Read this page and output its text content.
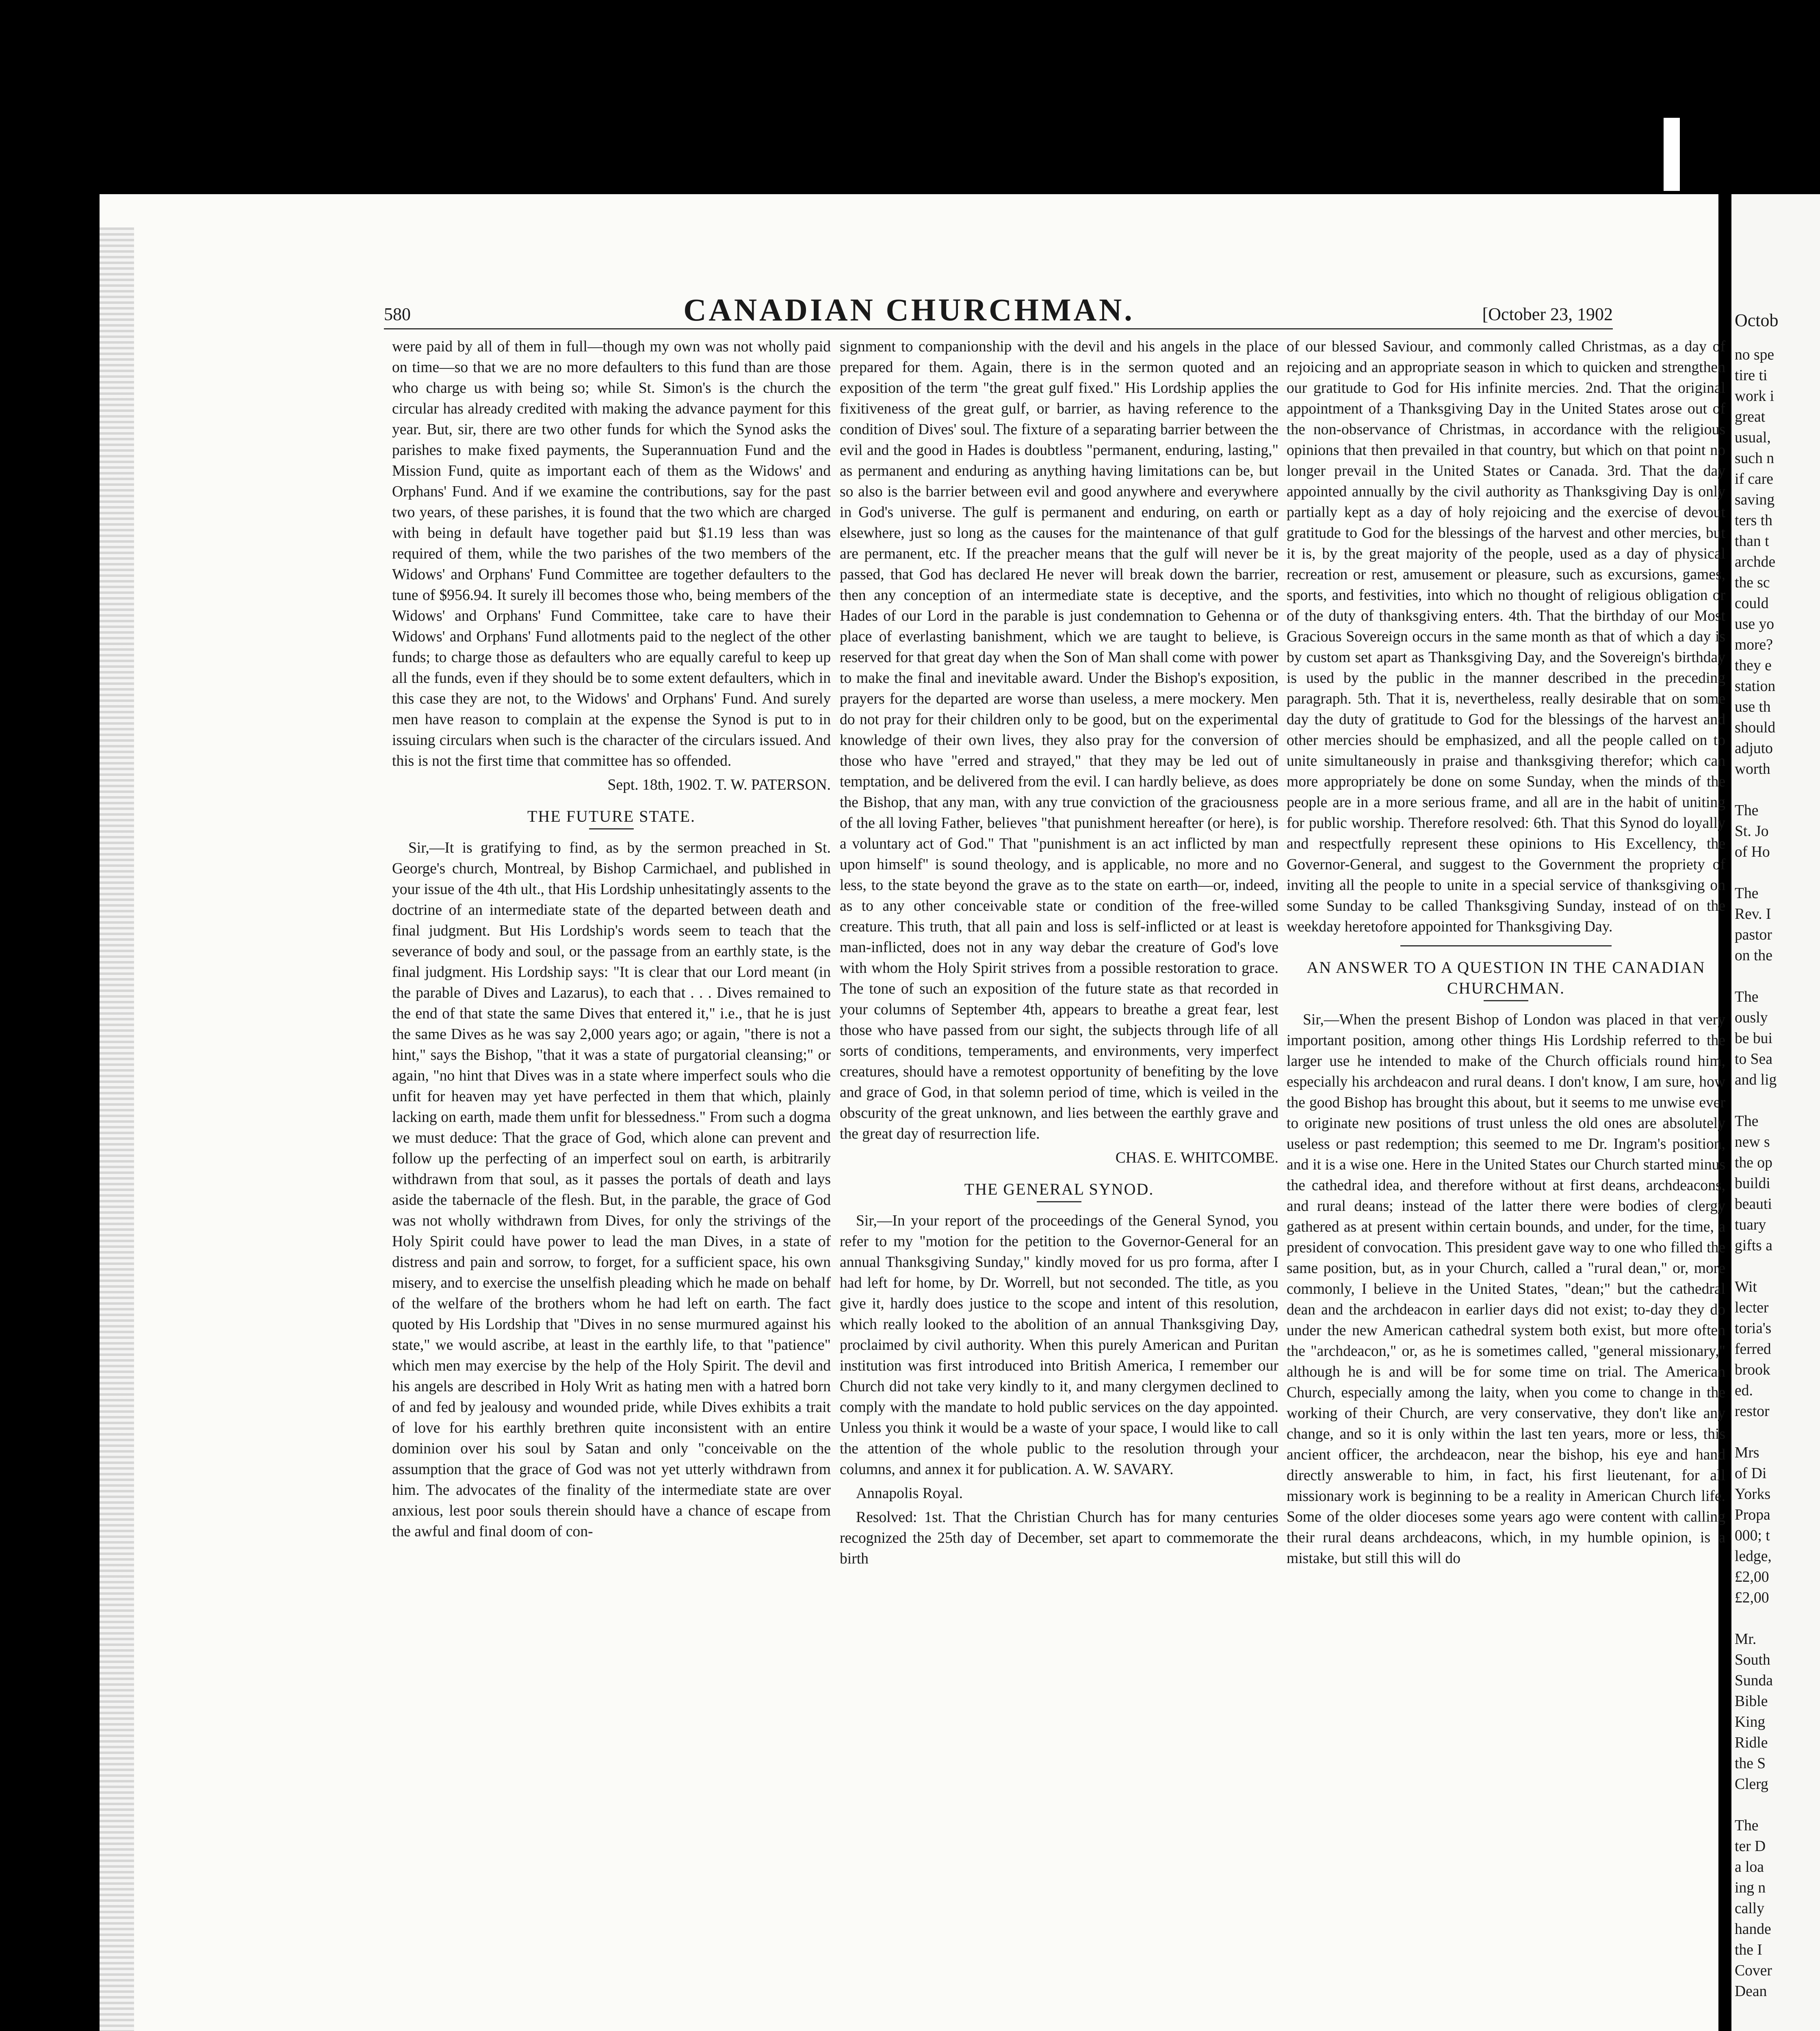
580	CANADIAN CHURCHMAN.	[October 23, 1902

were paid by all of them in full—though my own was not wholly paid on time—so that we are no more defaulters to this fund than are those who charge us with being so; while St. Simon's is the church the circular has already credited with making the advance payment for this year. But, sir, there are two other funds for which the Synod asks the parishes to make fixed payments, the Superannuation Fund and the Mission Fund, quite as important each of them as the Widows' and Orphans' Fund. And if we examine the contributions, say for the past two years, of these parishes, it is found that the two which are charged with being in default have together paid but $1.19 less than was required of them, while the two parishes of the two members of the Widows' and Orphans' Fund Committee are together defaulters to the tune of $956.94. It surely ill becomes those who, being members of the Widows' and Orphans' Fund Committee, take care to have their Widows' and Orphans' Fund allotments paid to the neglect of the other funds; to charge those as defaulters who are equally careful to keep up all the funds, even if they should be to some extent defaulters, which in this case they are not, to the Widows' and Orphans' Fund. And surely men have reason to complain at the expense the Synod is put to in issuing circulars when such is the character of the circulars issued. And this is not the first time that committee has so offended.

Sept. 18th, 1902. T. W. PATERSON.

THE FUTURE STATE.

Sir,—It is gratifying to find, as by the sermon preached in St. George's church, Montreal, by Bishop Carmichael, and published in your issue of the 4th ult., that His Lordship unhesitatingly assents to the doctrine of an intermediate state of the departed between death and final judgment. But His Lordship's words seem to teach that the severance of body and soul, or the passage from an earthly state, is the final judgment. His Lordship says: "It is clear that our Lord meant (in the parable of Dives and Lazarus), to each that . . . Dives remained to the end of that state the same Dives that entered it," i.e., that he is just the same Dives as he was say 2,000 years ago; or again, "there is not a hint," says the Bishop, "that it was a state of purgatorial cleansing;" or again, "no hint that Dives was in a state where imperfect souls who die unfit for heaven may yet have perfected in them that which, plainly lacking on earth, made them unfit for blessedness." From such a dogma we must deduce: That the grace of God, which alone can prevent and follow up the perfecting of an imperfect soul on earth, is arbitrarily withdrawn from that soul, as it passes the portals of death and lays aside the tabernacle of the flesh. But, in the parable, the grace of God was not wholly withdrawn from Dives, for only the strivings of the Holy Spirit could have power to lead the man Dives, in a state of distress and pain and sorrow, to forget, for a sufficient space, his own misery, and to exercise the unselfish pleading which he made on behalf of the welfare of the brothers whom he had left on earth. The fact quoted by His Lordship that "Dives in no sense murmured against his state," we would ascribe, at least in the earthly life, to that "patience" which men may exercise by the help of the Holy Spirit. The devil and his angels are described in Holy Writ as hating men with a hatred born of and fed by jealousy and wounded pride, while Dives exhibits a trait of love for his earthly brethren quite inconsistent with an entire dominion over his soul by Satan and only "conceivable on the assumption that the grace of God was not yet utterly withdrawn from him. The advocates of the finality of the intermediate state are over anxious, lest poor souls therein should have a chance of escape from the awful and final doom of con-

signment to companionship with the devil and his angels in the place prepared for them. Again, there is in the sermon quoted and an exposition of the term "the great gulf fixed." His Lordship applies the fixitiveness of the great gulf, or barrier, as having reference to the condition of Dives' soul. The fixture of a separating barrier between the evil and the good in Hades is doubtless "permanent, enduring, lasting," as permanent and enduring as anything having limitations can be, but so also is the barrier between evil and good anywhere and everywhere in God's universe. The gulf is permanent and enduring, on earth or elsewhere, just so long as the causes for the maintenance of that gulf are permanent, etc. If the preacher means that the gulf will never be passed, that God has declared He never will break down the barrier, then any conception of an intermediate state is deceptive, and the Hades of our Lord in the parable is just condemnation to Gehenna or place of everlasting banishment, which we are taught to believe, is reserved for that great day when the Son of Man shall come with power to make the final and inevitable award. Under the Bishop's exposition, prayers for the departed are worse than useless, a mere mockery. Men do not pray for their children only to be good, but on the experimental knowledge of their own lives, they also pray for the conversion of those who have "erred and strayed," that they may be led out of temptation, and be delivered from the evil. I can hardly believe, as does the Bishop, that any man, with any true conviction of the graciousness of the all loving Father, believes "that punishment hereafter (or here), is a voluntary act of God." That "punishment is an act inflicted by man upon himself" is sound theology, and is applicable, no more and no less, to the state beyond the grave as to the state on earth—or, indeed, as to any other conceivable state or condition of the free-willed creature. This truth, that all pain and loss is self-inflicted or at least is man-inflicted, does not in any way debar the creature of God's love with whom the Holy Spirit strives from a possible restoration to grace. The tone of such an exposition of the future state as that recorded in your columns of September 4th, appears to breathe a great fear, lest those who have passed from our sight, the subjects through life of all sorts of conditions, temperaments, and environments, very imperfect creatures, should have a remotest opportunity of benefiting by the love and grace of God, in that solemn period of time, which is veiled in the obscurity of the great unknown, and lies between the earthly grave and the great day of resurrection life.

CHAS. E. WHITCOMBE.

THE GENERAL SYNOD.

Sir,—In your report of the proceedings of the General Synod, you refer to my "motion for the petition to the Governor-General for an annual Thanksgiving Sunday," kindly moved for us pro forma, after I had left for home, by Dr. Worrell, but not seconded. The title, as you give it, hardly does justice to the scope and intent of this resolution, which really looked to the abolition of an annual Thanksgiving Day, proclaimed by civil authority. When this purely American and Puritan institution was first introduced into British America, I remember our Church did not take very kindly to it, and many clergymen declined to comply with the mandate to hold public services on the day appointed. Unless you think it would be a waste of your space, I would like to call the attention of the whole public to the resolution through your columns, and annex it for publication. A. W. SAVARY.

Annapolis Royal.

Resolved: 1st. That the Christian Church has for many centuries recognized the 25th day of December, set apart to commemorate the birth

of our blessed Saviour, and commonly called Christmas, as a day of rejoicing and an appropriate season in which to quicken and strengthen our gratitude to God for His infinite mercies. 2nd. That the original appointment of a Thanksgiving Day in the United States arose out of the non-observance of Christmas, in accordance with the religious opinions that then prevailed in that country, but which on that point no longer prevail in the United States or Canada. 3rd. That the day appointed annually by the civil authority as Thanksgiving Day is only partially kept as a day of holy rejoicing and the exercise of devout gratitude to God for the blessings of the harvest and other mercies, but it is, by the great majority of the people, used as a day of physical recreation or rest, amusement or pleasure, such as excursions, games, sports, and festivities, into which no thought of religious obligation or of the duty of thanksgiving enters. 4th. That the birthday of our Most Gracious Sovereign occurs in the same month as that of which a day is by custom set apart as Thanksgiving Day, and the Sovereign's birthday is used by the public in the manner described in the preceding paragraph. 5th. That it is, nevertheless, really desirable that on some day the duty of gratitude to God for the blessings of the harvest and other mercies should be emphasized, and all the people called on to unite simultaneously in praise and thanksgiving therefor; which can more appropriately be done on some Sunday, when the minds of the people are in a more serious frame, and all are in the habit of uniting for public worship. Therefore resolved: 6th. That this Synod do loyally and respectfully represent these opinions to His Excellency, the Governor-General, and suggest to the Government the propriety of inviting all the people to unite in a special service of thanksgiving on some Sunday to be called Thanksgiving Sunday, instead of on the weekday heretofore appointed for Thanksgiving Day.

AN ANSWER TO A QUESTION IN THE CANADIAN CHURCHMAN.

Sir,—When the present Bishop of London was placed in that very important position, among other things His Lordship referred to the larger use he intended to make of the Church officials round him, especially his archdeacon and rural deans. I don't know, I am sure, how the good Bishop has brought this about, but it seems to me unwise ever to originate new positions of trust unless the old ones are absolutely useless or past redemption; this seemed to me Dr. Ingram's position, and it is a wise one. Here in the United States our Church started minus the cathedral idea, and therefore without at first deans, archdeacons, and rural deans; instead of the latter there were bodies of clergy gathered as at present within certain bounds, and under, for the time, a president of convocation. This president gave way to one who filled the same position, but, as in your Church, called a "rural dean," or, more commonly, I believe in the United States, "dean;" but the cathedral dean and the archdeacon in earlier days did not exist; to-day they do under the new American cathedral system both exist, but more often the "archdeacon," or, as he is sometimes called, "general missionary," although he is and will be for some time on trial. The American Church, especially among the laity, when you come to change in the working of their Church, are very conservative, they don't like any change, and so it is only within the last ten years, more or less, this ancient officer, the archdeacon, near the bishop, his eye and hand directly answerable to him, in fact, his first lieutenant, for all missionary work is beginning to be a reality in American Church life. Some of the older dioceses some years ago were content with calling their rural deans archdeacons, which, in my humble opinion, is a mistake, but still this will do

Octob
no spe
tire ti
work i
great
usual,
such n
if care
saving
ters th
than t
archde
the sc
could
use yo
more?
they e
station
use th
should
adjuto
worth
The
St. Jo
of Ho
The
Rev. I
pastor
on the
The
ously
be bui
to Sea
and lig
The
new s
the op
buildi
beauti
tuary
gifts a
Wit
lecter
toria's
ferred
brook
ed.
restor
Mrs
of Di
Yorks
Propa
000; t
ledge,
£2,00
£2,00
Mr.
South
Sunda
Bible
King
Ridle
the S
Clerg
The
ter D
a loa
ing n
cally
hande
the I
Cover
Dean
